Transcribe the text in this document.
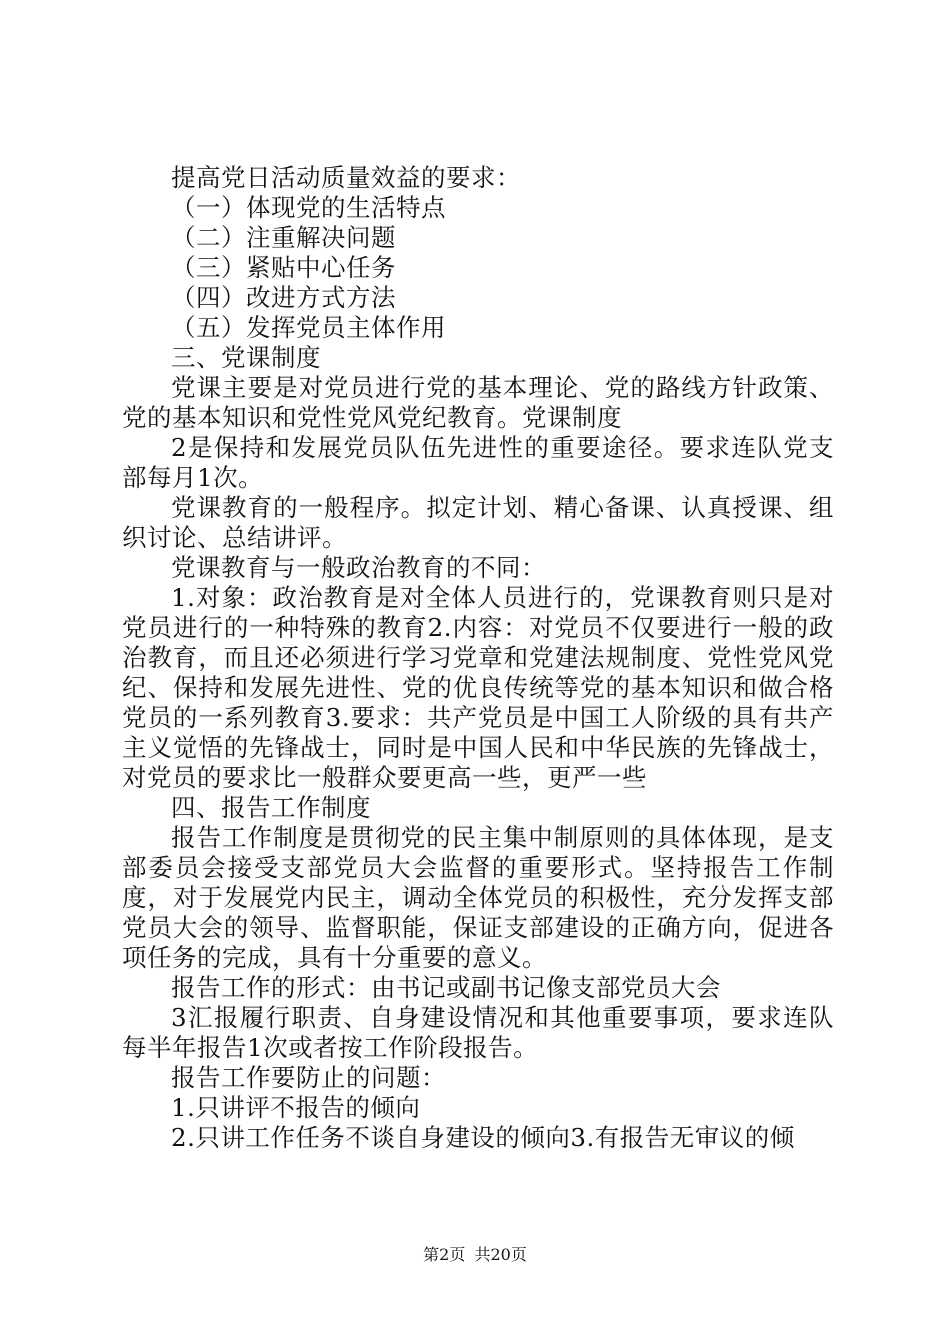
提高党日活动质量效益的要求：

（一）体现党的生活特点

（二）注重解决问题

（三）紧贴中心任务

（四）改进方式方法

（五）发挥党员主体作用

三、党课制度

党课主要是对党员进行党的基本理论、党的路线方针政策、党的基本知识和党性党风党纪教育。党课制度

2是保持和发展党员队伍先进性的重要途径。要求连队党支部每月1次。

党课教育的一般程序。拟定计划、精心备课、认真授课、组织讨论、总结讲评。

党课教育与一般政治教育的不同：

1.对象：政治教育是对全体人员进行的，党课教育则只是对党员进行的一种特殊的教育2.内容：对党员不仅要进行一般的政治教育，而且还必须进行学习党章和党建法规制度、党性党风党纪、保持和发展先进性、党的优良传统等党的基本知识和做合格党员的一系列教育3.要求：共产党员是中国工人阶级的具有共产主义觉悟的先锋战士，同时是中国人民和中华民族的先锋战士，对党员的要求比一般群众要更高一些，更严一些

四、报告工作制度

报告工作制度是贯彻党的民主集中制原则的具体体现，是支部委员会接受支部党员大会监督的重要形式。坚持报告工作制度，对于发展党内民主，调动全体党员的积极性，充分发挥支部党员大会的领导、监督职能，保证支部建设的正确方向，促进各项任务的完成，具有十分重要的意义。

报告工作的形式：由书记或副书记像支部党员大会

3汇报履行职责、自身建设情况和其他重要事项，要求连队每半年报告1次或者按工作阶段报告。

报告工作要防止的问题：

1.只讲评不报告的倾向

2.只讲工作任务不谈自身建设的倾向3.有报告无审议的倾

第2页 共20页
